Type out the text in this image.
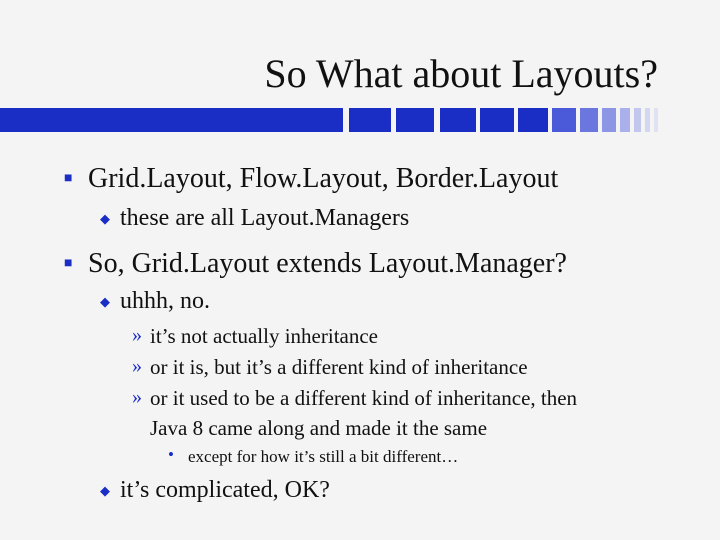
So What about Layouts?
■ Grid.Layout, Flow.Layout, Border.Layout
◆ these are all Layout.Managers
■ So, Grid.Layout extends Layout.Manager?
◆ uhhh, no.
» it’s not actually inheritance
» or it is, but it’s a different kind of inheritance
» or it used to be a different kind of inheritance, then
Java 8 came along and made it the same
• except for how it’s still a bit different…
◆ it’s complicated, OK?
